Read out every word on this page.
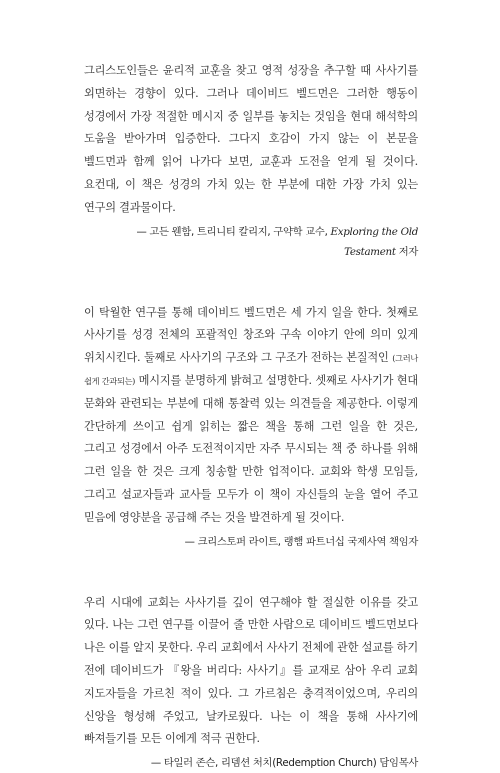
그리스도인들은 윤리적 교훈을 찾고 영적 성장을 추구할 때 사사기를 외면하는 경향이 있다. 그러나 데이비드 벨드먼은 그러한 행동이 성경에서 가장 적절한 메시지 중 일부를 놓치는 것임을 현대 해석학의 도움을 받아가며 입증한다. 그다지 호감이 가지 않는 이 본문을 벨드먼과 함께 읽어 나가다 보면, 교훈과 도전을 얻게 될 것이다. 요컨대, 이 책은 성경의 가치 있는 한 부분에 대한 가장 가치 있는 연구의 결과물이다.

— 고든 웬함, 트리니티 칼리지, 구약학 교수, Exploring the Old Testament 저자

이 탁월한 연구를 통해 데이비드 벨드먼은 세 가지 일을 한다. 첫째로 사사기를 성경 전체의 포괄적인 창조와 구속 이야기 안에 의미 있게 위치시킨다. 둘째로 사사기의 구조와 그 구조가 전하는 본질적인 (그러나 쉽게 간과되는) 메시지를 분명하게 밝혀고 설명한다. 셋째로 사사기가 현대 문화와 관련되는 부분에 대해 통찰력 있는 의견들을 제공한다. 이렇게 간단하게 쓰이고 쉽게 읽히는 짧은 책을 통해 그런 일을 한 것은, 그리고 성경에서 아주 도전적이지만 자주 무시되는 책 중 하나를 위해 그런 일을 한 것은 크게 칭송할 만한 업적이다. 교회와 학생 모임들, 그리고 설교자들과 교사들 모두가 이 책이 자신들의 눈을 열어 주고 믿음에 영양분을 공급해 주는 것을 발견하게 될 것이다.

— 크리스토퍼 라이트, 랭햄 파트너십 국제사역 책임자

우리 시대에 교회는 사사기를 깊이 연구해야 할 절실한 이유를 갖고 있다. 나는 그런 연구를 이끌어 줄 만한 사람으로 데이비드 벨드먼보다 나은 이를 알지 못한다. 우리 교회에서 사사기 전체에 관한 설교를 하기 전에 데이비드가 『왕을 버리다: 사사기』를 교재로 삼아 우리 교회 지도자들을 가르친 적이 있다. 그 가르침은 충격적이었으며, 우리의 신앙을 형성해 주었고, 날카로웠다. 나는 이 책을 통해 사사기에 빠져들기를 모든 이에게 적극 권한다.

— 타일러 존슨, 리뎀션 처치(Redemption Church) 담임목사
